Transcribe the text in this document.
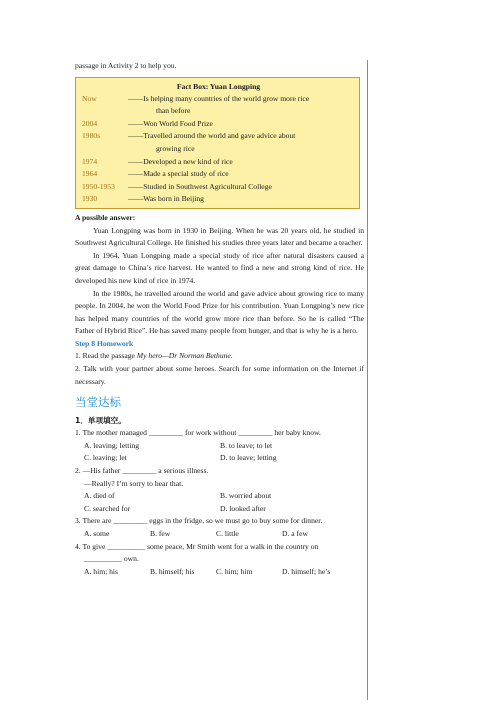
passage in Activity 2 to help you.
Fact Box: Yuan Longping
Now	——Is helping many countries of the world grow more rice
than before
2004	——Won World Food Prize
1980s	——Travelled around the world and gave advice about
growing rice
1974	——Developed a new kind of rice
1964	——Made a special study of rice
1950-1953	——Studied in Southwest Agricultural College
1930	——Was born in Beijing
A possible answer:
Yuan Longping was born in 1930 in Beijing. When he was 20 years old, he studied in Southwest Agricultural College. He finished his studies three years later and became a teacher.
In 1964, Yuan Longping made a special study of rice after natural disasters caused a great damage to China’s rice harvest. He wanted to find a new and strong kind of rice. He developed his new kind of rice in 1974.
In the 1980s, he travelled around the world and gave advice about growing rice to many people. In 2004, he won the World Food Prize for his contribution. Yuan Longping’s new rice has helped many countries of the world grow more rice than before. So he is called “The Father of Hybrid Rice”. He has saved many people from hunger, and that is why he is a hero.
Step 8 Homework
1. Read the passage My hero—Dr Norman Bethune.
2. Talk with your partner about some heroes. Search for some information on the Internet if necessary.
当堂达标
1．单项填空。
1. The mother managed _________ for work without _________ her baby know.
A. leaving; letting	B. to leave; to let
C. leaving; let	D. to leave; letting
2. —His father _________ a serious illness.
—Really? I’m sorry to hear that.
A. died of	B. worried about
C. searched for	D. looked after
3. There are _________ eggs in the fridge, so we must go to buy some for dinner.
A. some	B. few	C. little	D. a few
4. To give __________ some peace, Mr Smith went for a walk in the country on
__________ own.
A. him; his	B. himself; his	C. him; him	D. himself; he’s
